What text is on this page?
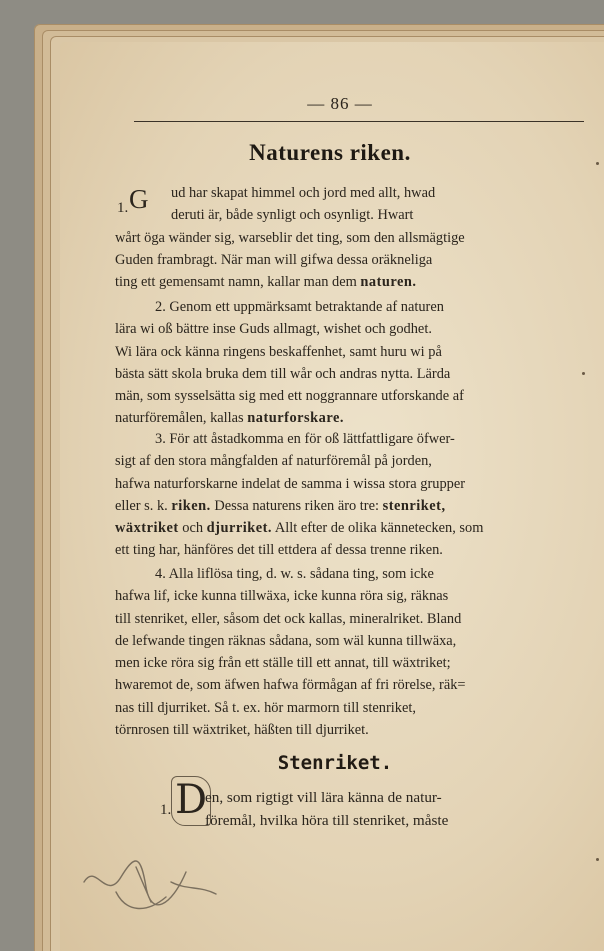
— 86 —
Naturens riken.
1. G	ud har skapat himmel och jord med allt, hwad
deruti är, både synligt och osynligt. Hwart
wårt öga wänder sig, warseblir det ting, som den allsmägtige
Guden frambragt. När man will gifwa dessa oräkneliga
ting ett gemensamt namn, kallar man dem naturen.
2. Genom ett uppmärksamt betraktande af naturen
lära wi oß bättre inse Guds allmagt, wishet och godhet.
Wi lära ock känna ringens beskaffenhet, samt huru wi på
bästa sätt skola bruka dem till wår och andras nytta. Lärda
män, som sysselsätta sig med ett noggrannare utforskande af
naturföremålen, kallas naturforskare.
3. För att åstadkomma en för oß lättfattligare öfwer-
sigt af den stora mångfalden af naturföremål på jorden,
hafwa naturforskarne indelat de samma i wissa stora grupper
eller s. k. riken. Dessa naturens riken äro tre: stenriket,
wäxtriket och djurriket. Allt efter de olika kännetecken, som
ett ting har, hänföres det till ettdera af dessa trenne riken.
4. Alla liflösa ting, d. w. s. sådana ting, som icke
hafwa lif, icke kunna tillwäxa, icke kunna röra sig, räknas
till stenriket, eller, såsom det ock kallas, mineralriket. Bland
de lefwande tingen räknas sådana, som wäl kunna tillwäxa,
men icke röra sig från ett ställe till ett annat, till wäxtriket;
hwaremot de, som äfwen hafwa förmågan af fri rörelse, räk=
nas till djurriket. Så t. ex. hör marmorn till stenriket,
törnrosen till wäxtriket, häßten till djurriket.
Stenriket.
1. D
en, som rigtigt vill lära känna de natur-
föremål, hvilka höra till stenriket, måste
